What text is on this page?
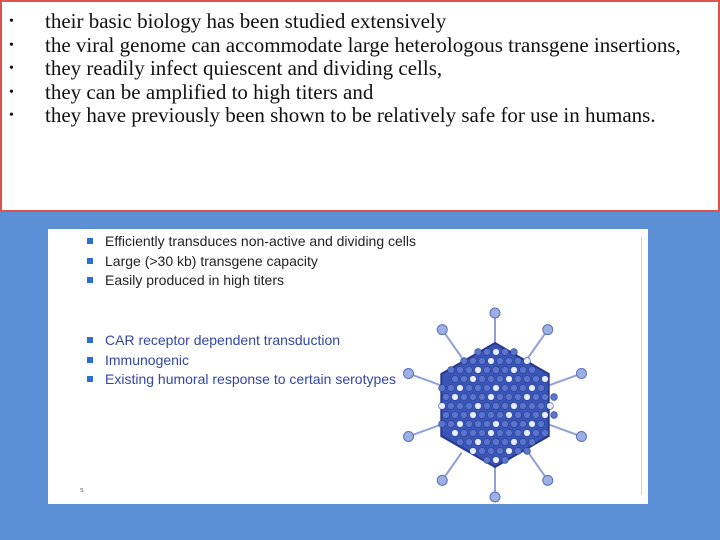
•	their basic biology has been studied extensively
•	the viral genome can accommodate large heterologous transgene insertions,
•	they readily infect quiescent and dividing cells,
•	they can be amplified to high titers and
•	they have previously been shown to be relatively safe for use in humans.
Efficiently transduces non-active and dividing cells
Large (>30 kb) transgene capacity
Easily produced in high titers
CAR receptor dependent transduction
Immunogenic
Existing humoral response to certain serotypes
s
